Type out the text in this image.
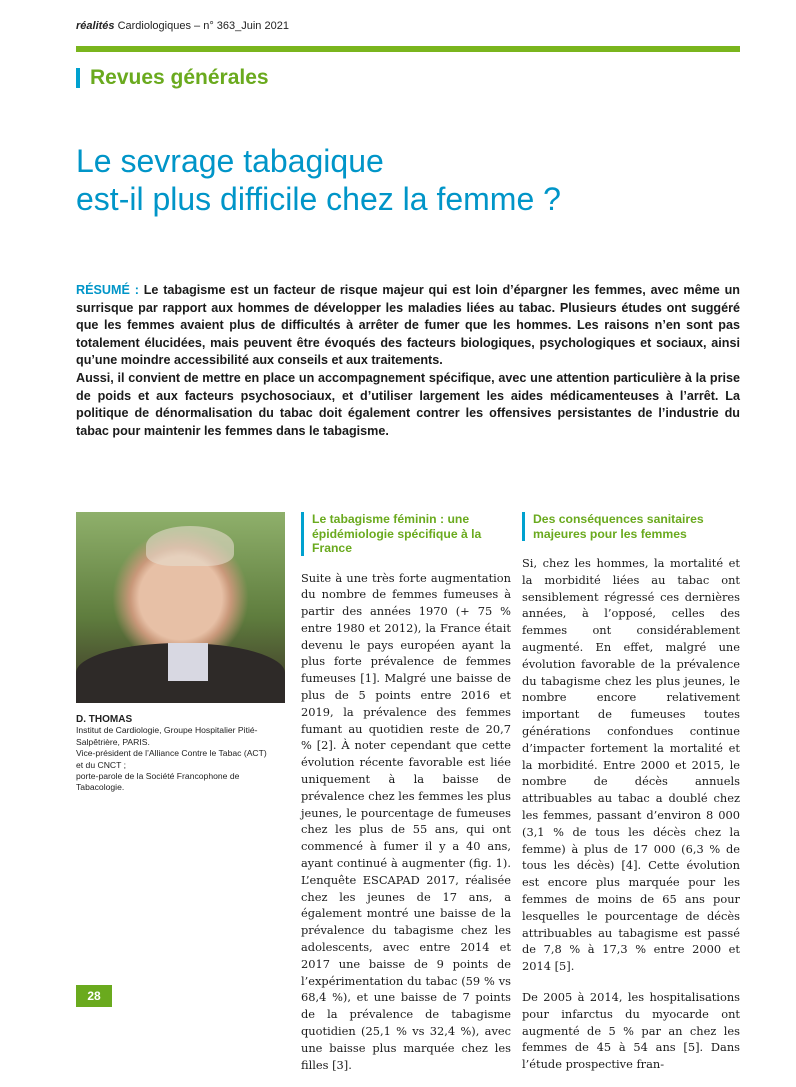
réalités Cardiologiques – n° 363_Juin 2021
Revues générales
Le sevrage tabagique
est-il plus difficile chez la femme ?
RÉSUMÉ : Le tabagisme est un facteur de risque majeur qui est loin d’épargner les femmes, avec même un surrisque par rapport aux hommes de développer les maladies liées au tabac. Plusieurs études ont suggéré que les femmes avaient plus de difficultés à arrêter de fumer que les hommes. Les raisons n’en sont pas totalement élucidées, mais peuvent être évoqués des facteurs biologiques, psychologiques et sociaux, ainsi qu’une moindre accessibilité aux conseils et aux traitements.
Aussi, il convient de mettre en place un accompagnement spécifique, avec une attention particulière à la prise de poids et aux facteurs psychosociaux, et d’utiliser largement les aides médicamenteuses à l’arrêt. La politique de dénormalisation du tabac doit également contrer les offensives persistantes de l’industrie du tabac pour maintenir les femmes dans le tabagisme.
D. THOMAS
Institut de Cardiologie, Groupe Hospitalier Pitié-Salpêtrière, PARIS.
Vice-président de l’Alliance Contre le Tabac (ACT) et du CNCT ;
porte-parole de la Société Francophone de Tabacologie.
Le tabagisme féminin : une épidémiologie spécifique à la France

Suite à une très forte augmentation du nombre de femmes fumeuses à partir des années 1970 (+ 75 % entre 1980 et 2012), la France était devenu le pays européen ayant la plus forte prévalence de femmes fumeuses [1]. Malgré une baisse de plus de 5 points entre 2016 et 2019, la prévalence des femmes fumant au quotidien reste de 20,7 % [2]. À noter cependant que cette évolution récente favorable est liée uniquement à la baisse de prévalence chez les femmes les plus jeunes, le pourcentage de fumeuses chez les plus de 55 ans, qui ont commencé à fumer il y a 40 ans, ayant continué à augmenter (fig. 1). L’enquête ESCAPAD 2017, réalisée chez les jeunes de 17 ans, a également montré une baisse de la prévalence du tabagisme chez les adolescents, avec entre 2014 et 2017 une baisse de 9 points de l’expérimentation du tabac (59 % vs 68,4 %), et une baisse de 7 points de la prévalence de tabagisme quotidien (25,1 % vs 32,4 %), avec une baisse plus marquée chez les filles [3].

Des conséquences sanitaires majeures pour les femmes

Si, chez les hommes, la mortalité et la morbidité liées au tabac ont sensiblement régressé ces dernières années, à l’opposé, celles des femmes ont considérablement augmenté. En effet, malgré une évolution favorable de la prévalence du tabagisme chez les plus jeunes, le nombre encore relativement important de fumeuses toutes générations confondues continue d’impacter fortement la mortalité et la morbidité. Entre 2000 et 2015, le nombre de décès annuels attribuables au tabac a doublé chez les femmes, passant d’environ 8 000 (3,1 % de tous les décès chez la femme) à plus de 17 000 (6,3 % de tous les décès) [4]. Cette évolution est encore plus marquée pour les femmes de moins de 65 ans pour lesquelles le pourcentage de décès attribuables au tabagisme est passé de 7,8 % à 17,3 % entre 2000 et 2014 [5].

De 2005 à 2014, les hospitalisations pour infarctus du myocarde ont augmenté de 5 % par an chez les femmes de 45 à 54 ans [5]. Dans l’étude prospective fran-

28
